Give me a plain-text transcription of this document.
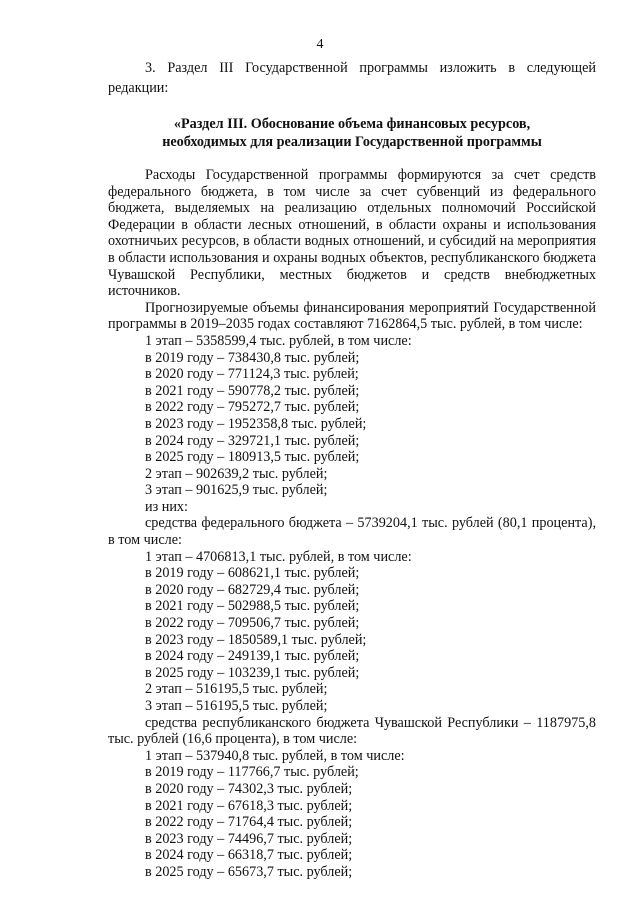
4

3. Раздел III Государственной программы изложить в следующей редакции:

«Раздел III. Обоснование объема финансовых ресурсов,
необходимых для реализации Государственной программы

Расходы Государственной программы формируются за счет средств федерального бюджета, в том числе за счет субвенций из федерального бюджета, выделяемых на реализацию отдельных полномочий Российской Федерации в области лесных отношений, в области охраны и использования охотничьих ресурсов, в области водных отношений, и субсидий на мероприятия в области использования и охраны водных объектов, республиканского бюджета Чувашской Республики, местных бюджетов и средств внебюджетных источников.

Прогнозируемые объемы финансирования мероприятий Государственной программы в 2019–2035 годах составляют 7162864,5 тыс. рублей, в том числе:

1 этап – 5358599,4 тыс. рублей, в том числе:

в 2019 году – 738430,8 тыс. рублей;

в 2020 году – 771124,3 тыс. рублей;

в 2021 году – 590778,2 тыс. рублей;

в 2022 году – 795272,7 тыс. рублей;

в 2023 году – 1952358,8 тыс. рублей;

в 2024 году – 329721,1 тыс. рублей;

в 2025 году – 180913,5 тыс. рублей;

2 этап – 902639,2 тыс. рублей;

3 этап – 901625,9 тыс. рублей;

из них:

средства федерального бюджета – 5739204,1 тыс. рублей (80,1 процента), в том числе:

1 этап – 4706813,1 тыс. рублей, в том числе:

в 2019 году – 608621,1 тыс. рублей;

в 2020 году – 682729,4 тыс. рублей;

в 2021 году – 502988,5 тыс. рублей;

в 2022 году – 709506,7 тыс. рублей;

в 2023 году – 1850589,1 тыс. рублей;

в 2024 году – 249139,1 тыс. рублей;

в 2025 году – 103239,1 тыс. рублей;

2 этап – 516195,5 тыс. рублей;

3 этап – 516195,5 тыс. рублей;

средства республиканского бюджета Чувашской Республики – 1187975,8 тыс. рублей (16,6 процента), в том числе:

1 этап – 537940,8 тыс. рублей, в том числе:

в 2019 году – 117766,7 тыс. рублей;

в 2020 году – 74302,3 тыс. рублей;

в 2021 году – 67618,3 тыс. рублей;

в 2022 году – 71764,4 тыс. рублей;

в 2023 году – 74496,7 тыс. рублей;

в 2024 году – 66318,7 тыс. рублей;

в 2025 году – 65673,7 тыс. рублей;
